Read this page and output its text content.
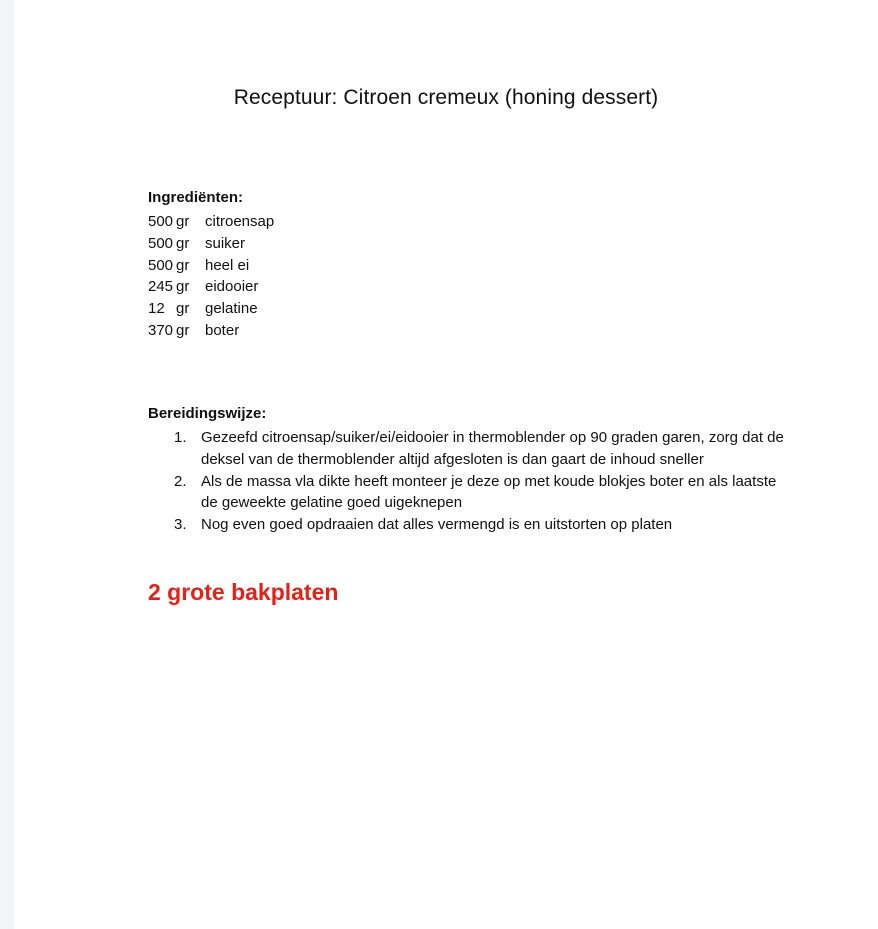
Receptuur: Citroen cremeux (honing dessert)
Ingrediënten:
500 gr	citroensap
500 gr	suiker
500 gr	heel ei
245 gr	eidooier
12 gr	gelatine
370 gr	boter
Bereidingswijze:
1. Gezeefd citroensap/suiker/ei/eidooier in thermoblender op 90 graden garen, zorg dat de deksel van de thermoblender altijd afgesloten is dan gaart de inhoud sneller
2. Als de massa vla dikte heeft monteer je deze op met koude blokjes boter en als laatste de geweekte gelatine goed uigeknepen
3. Nog even goed opdraaien dat alles vermengd is en uitstorten op platen
2 grote bakplaten
